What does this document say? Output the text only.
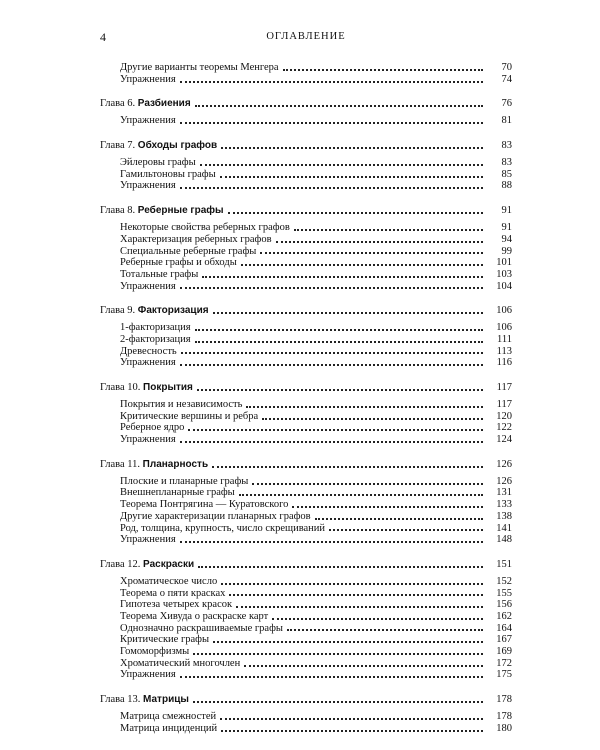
4	ОГЛАВЛЕНИЕ
Другие варианты теоремы Менгера	70
Упражнения	74
Глава 6. Разбиения	76
Упражнения	81
Глава 7. Обходы графов	83
Эйлеровы графы	83
Гамильтоновы графы	85
Упражнения	88
Глава 8. Реберные графы	91
Некоторые свойства реберных графов	91
Характеризация реберных графов	94
Специальные реберные графы	99
Реберные графы и обходы	101
Тотальные графы	103
Упражнения	104
Глава 9. Факторизация	106
1-факторизация	106
2-факторизация	111
Древесность	113
Упражнения	116
Глава 10. Покрытия	117
Покрытия и независимость	117
Критические вершины и ребра	120
Реберное ядро	122
Упражнения	124
Глава 11. Планарность	126
Плоские и планарные графы	126
Внешнепланарные графы	131
Теорема Понтрягина — Куратовского	133
Другие характеризации планарных графов	138
Род, толщина, крупность, число скрещиваний	141
Упражнения	148
Глава 12. Раскраски	151
Хроматическое число	152
Теорема о пяти красках	155
Гипотеза четырех красок	156
Теорема Хивуда о раскраске карт	162
Однозначно раскрашиваемые графы	164
Критические графы	167
Гомоморфизмы	169
Хроматический многочлен	172
Упражнения	175
Глава 13. Матрицы	178
Матрица смежностей	178
Матрица инциденций	180
